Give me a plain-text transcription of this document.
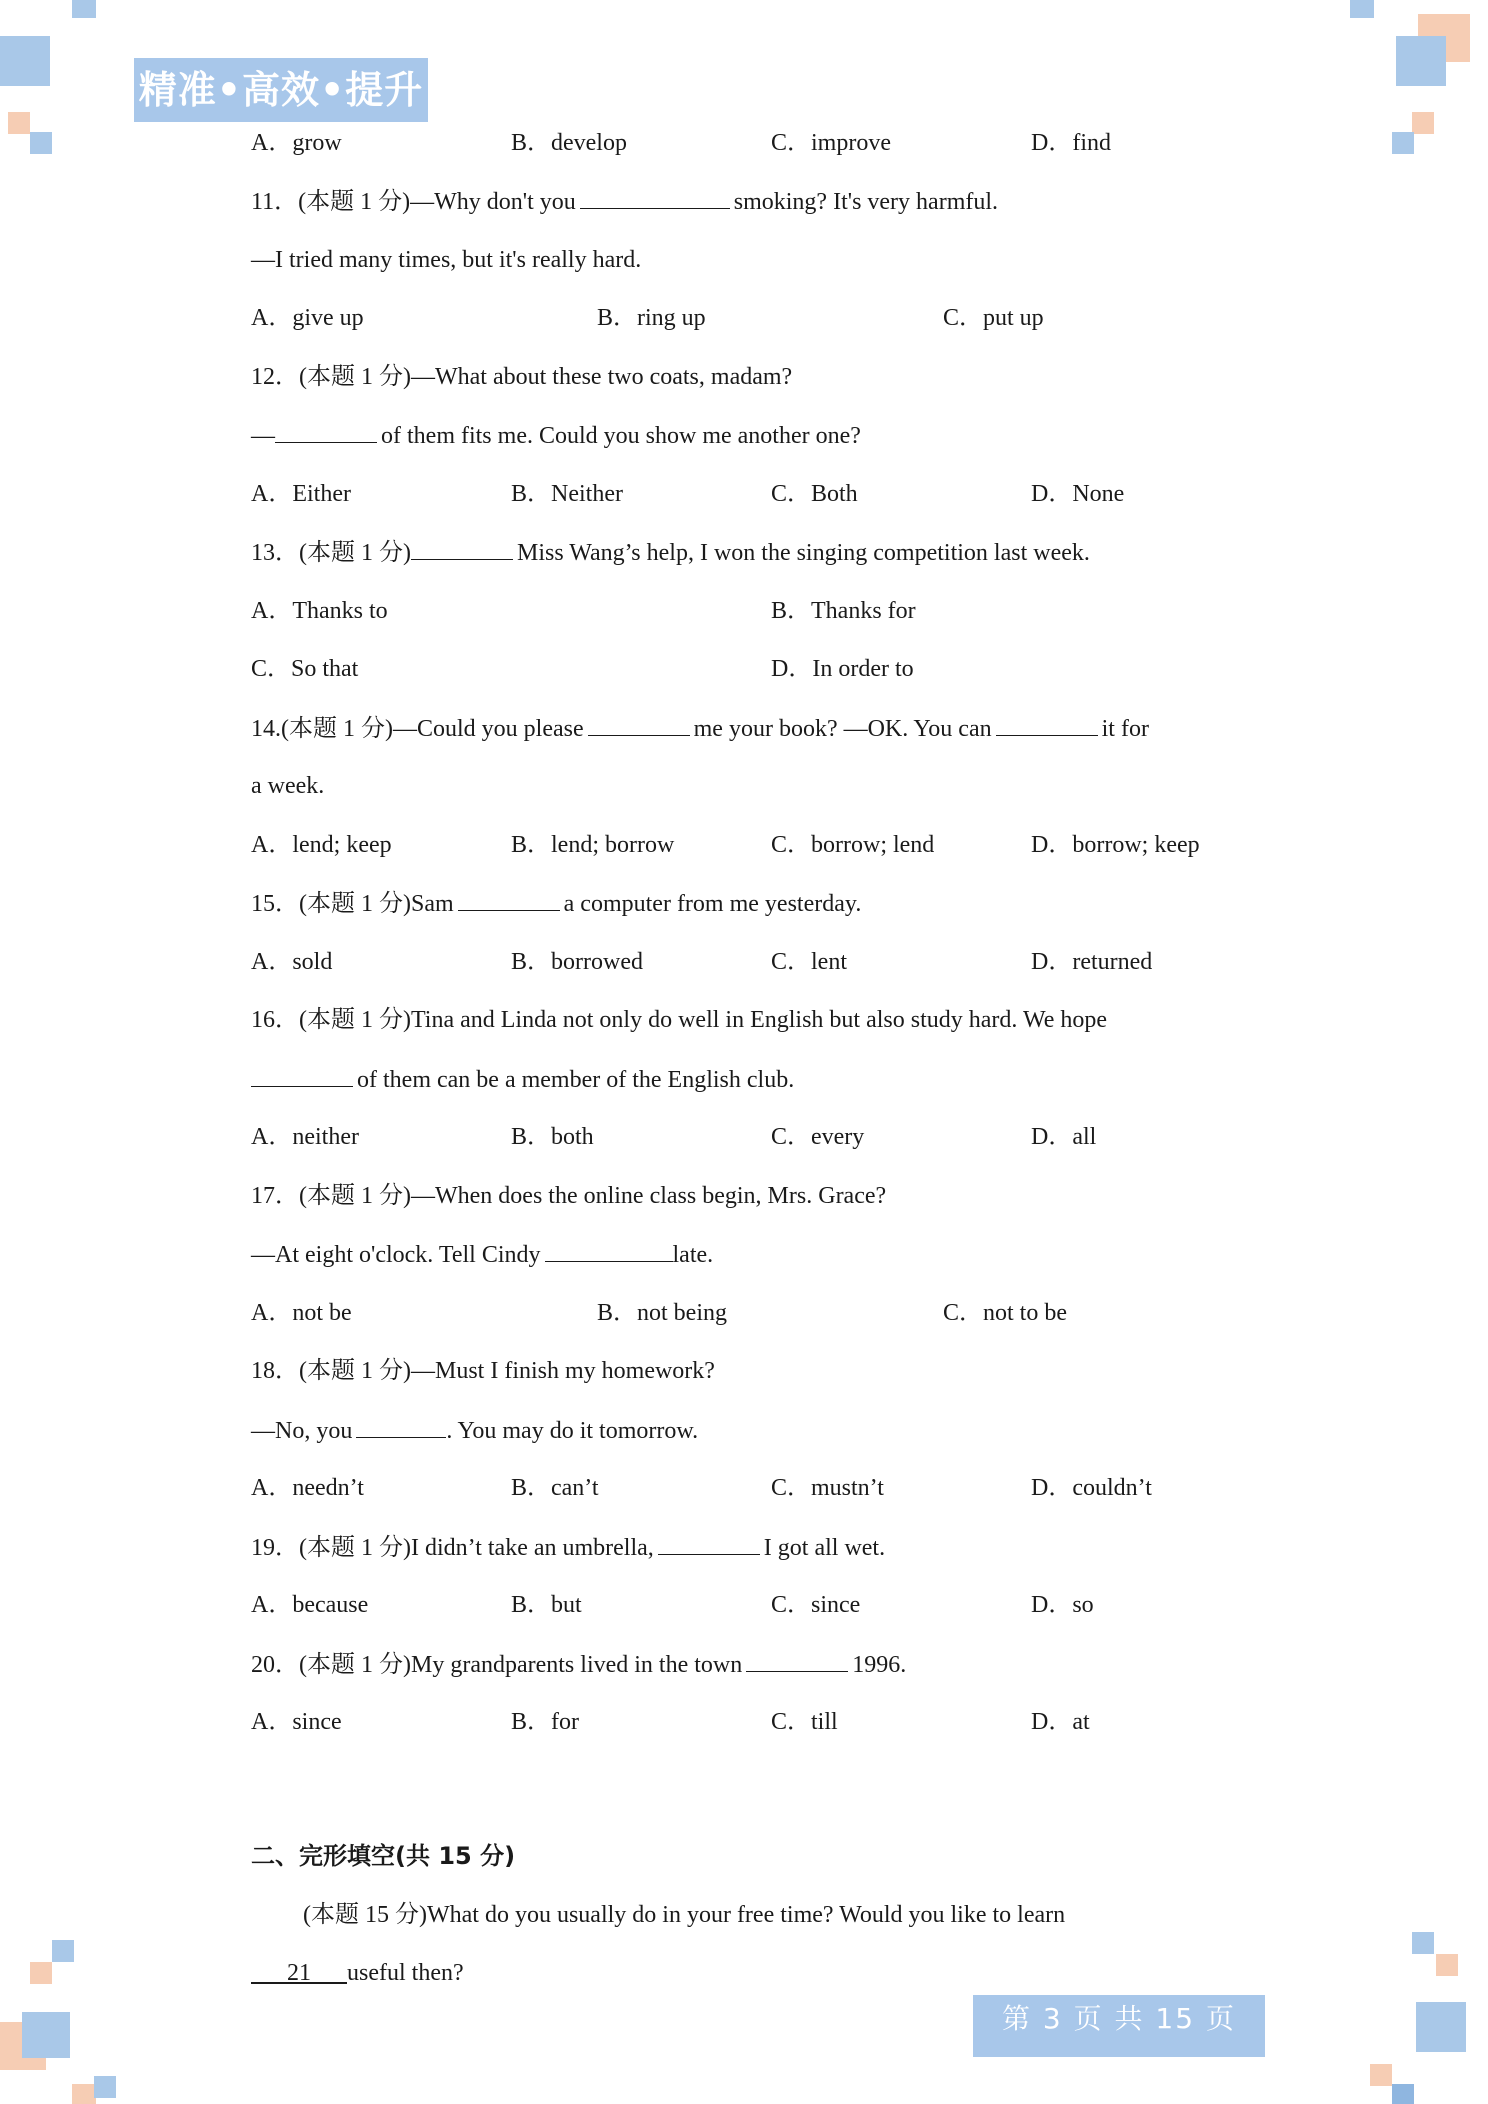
精准•高效•提升
A．grow	B．develop	C．improve	D．find
11．(本题 1 分)—Why don't you	smoking? It's very harmful.
—I tried many times, but it's really hard.
A．give up	B．ring up	C．put up
12．(本题 1 分)—What about these two coats, madam?
—	of them fits me. Could you show me another one?
A．Either	B．Neither	C．Both	D．None
13．(本题 1 分)	Miss Wang’s help, I won the singing competition last week.
A．Thanks to	B．Thanks for
C．So that	D．In order to
14.(本题 1 分)—Could you please	me your book? —OK. You can	it for
a week.
A．lend; keep	B．lend; borrow	C．borrow; lend	D．borrow; keep
15．(本题 1 分)Sam	a computer from me yesterday.
A．sold	B．borrowed	C．lent	D．returned
16．(本题 1 分)Tina and Linda not only do well in English but also study hard. We hope
of them can be a member of the English club.
A．neither	B．both	C．every	D．all
17．(本题 1 分)—When does the online class begin, Mrs. Grace?
—At eight o'clock. Tell Cindy	late.
A．not be	B．not being	C．not to be
18．(本题 1 分)—Must I finish my homework?
—No, you	. You may do it tomorrow.
A．needn’t	B．can’t	C．mustn’t	D．couldn’t
19．(本题 1 分)I didn’t take an umbrella,	I got all wet.
A．because	B．but	C．since	D．so
20．(本题 1 分)My grandparents lived in the town	1996.
A．since	B．for	C．till	D．at
二、完形填空(共 15 分)
(本题 15 分)What do you usually do in your free time? Would you like to learn
21 useful then?
第 3 页 共 15 页
